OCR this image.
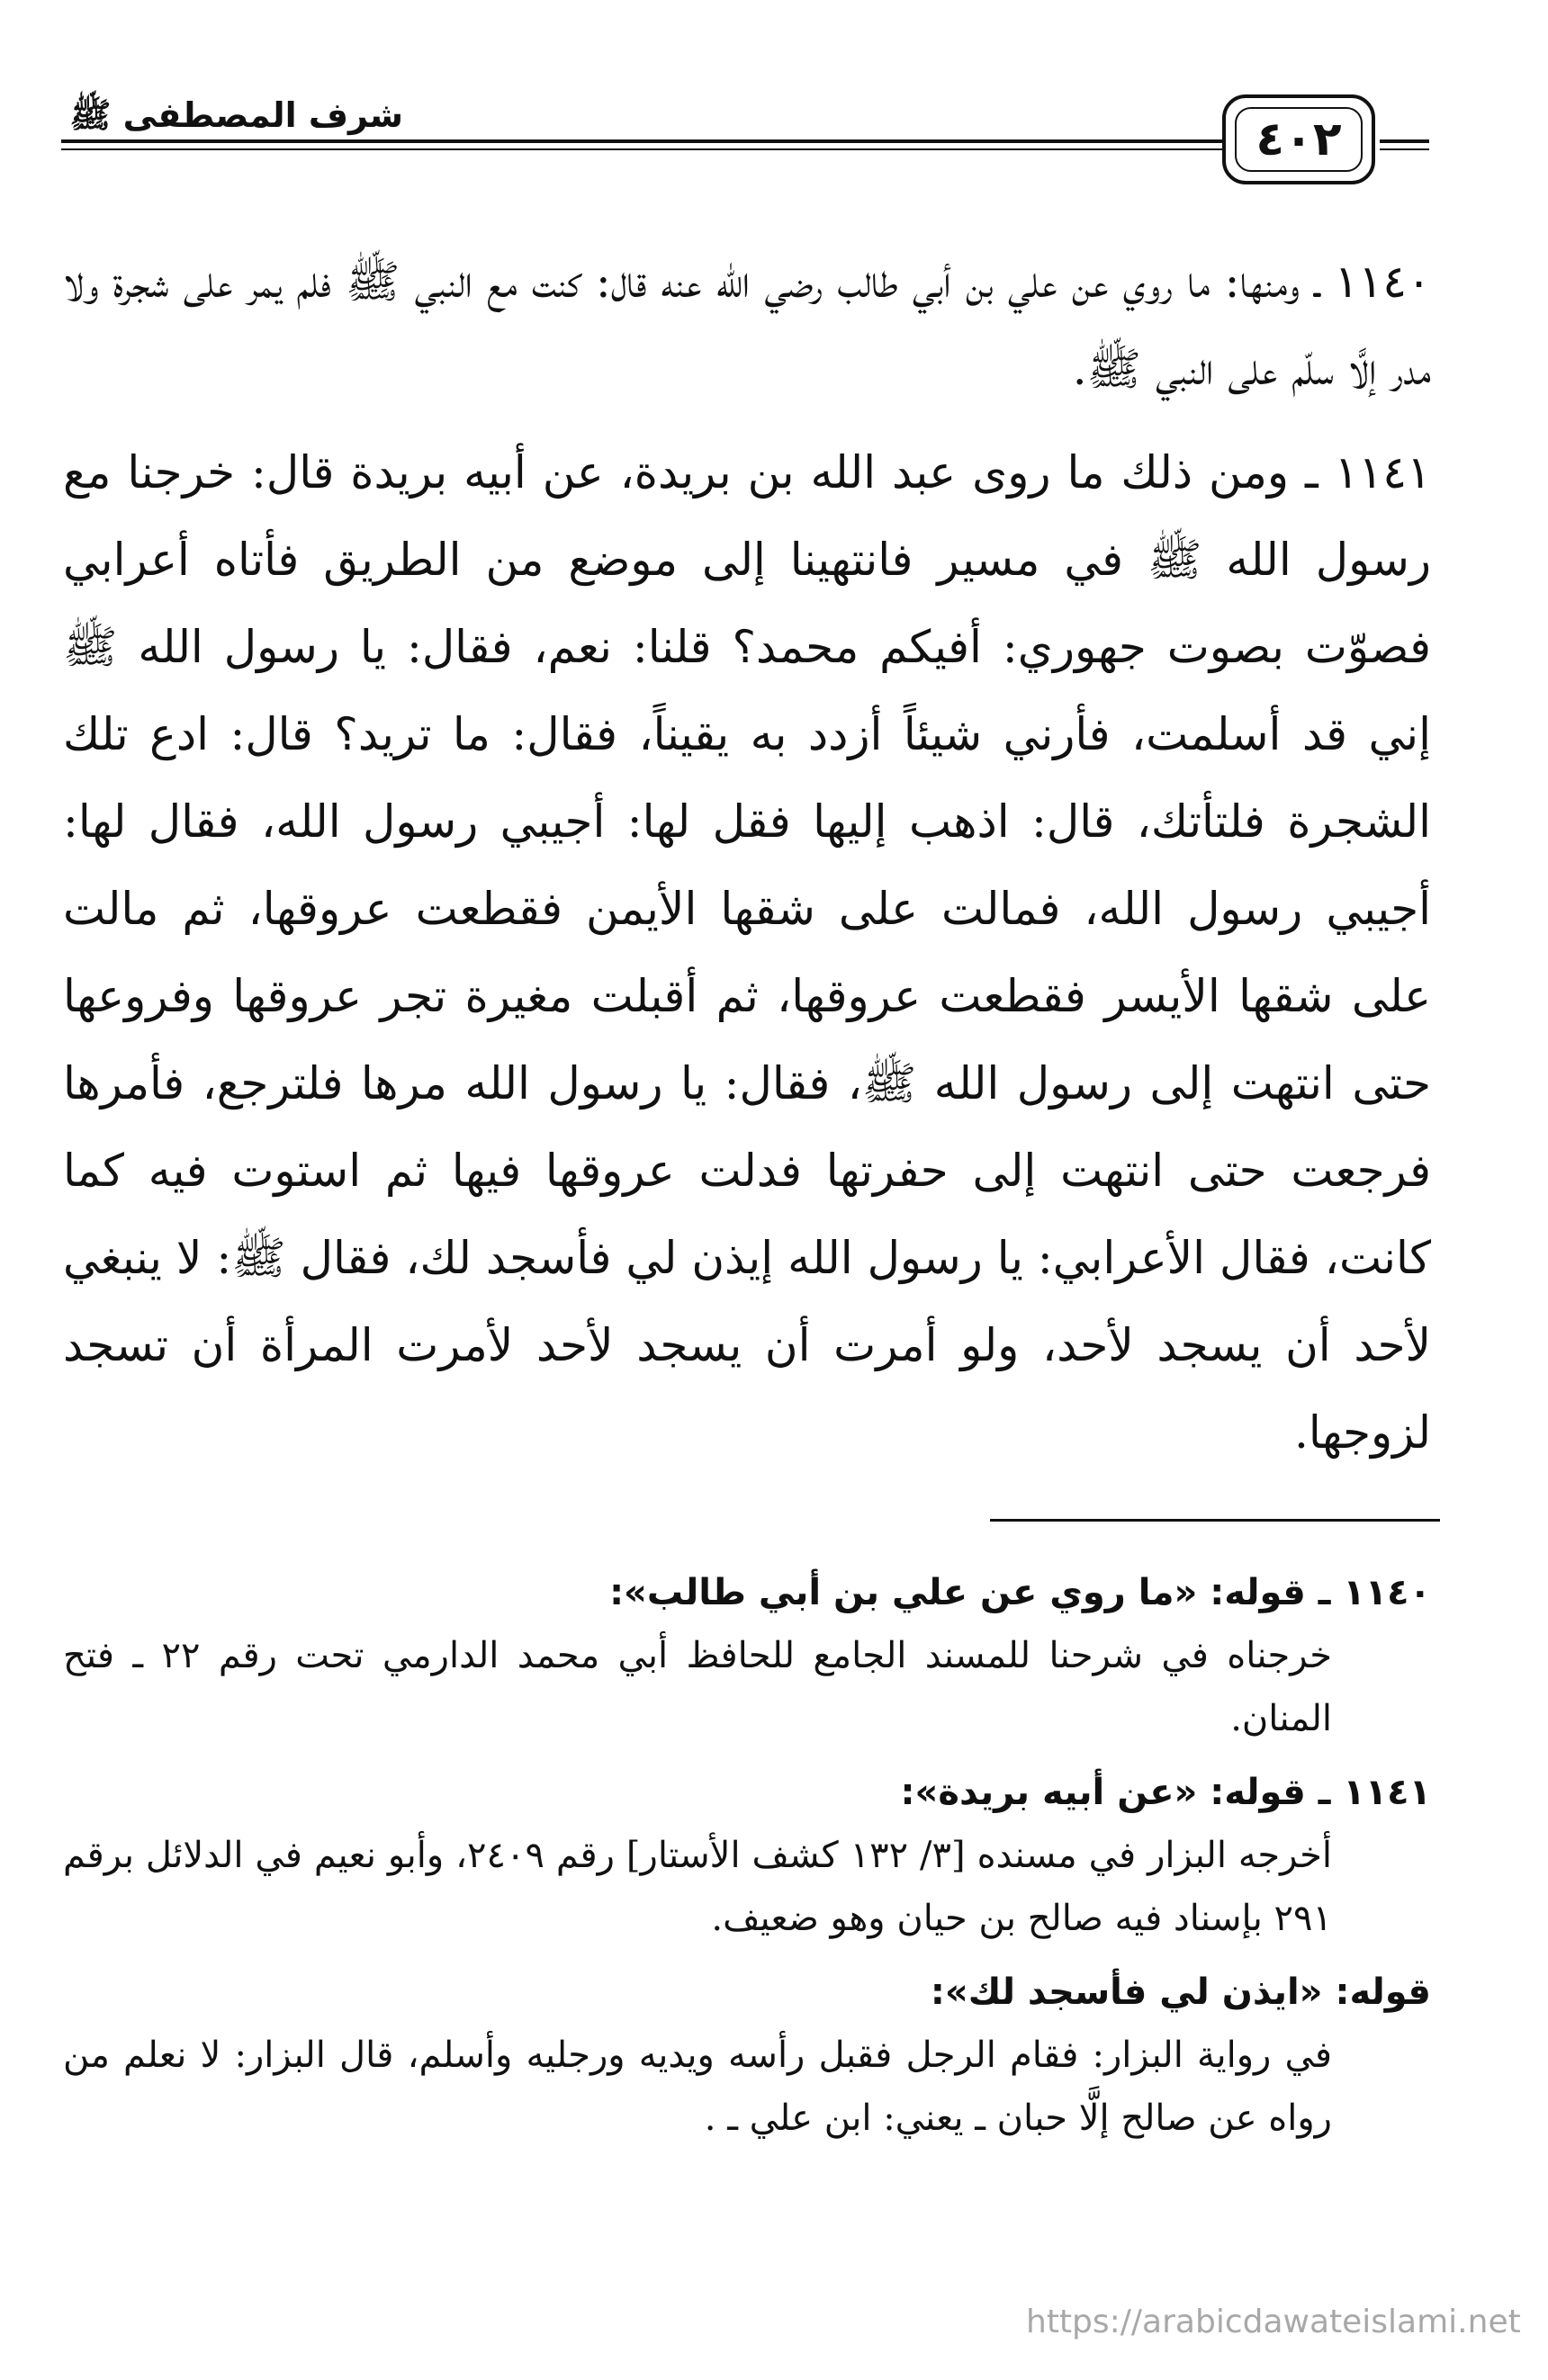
شرف المصطفى ﷺ	٤٠٢

١١٤٠ ـ ومنها: ما روي عن علي بن أبي طالب رضي الله عنه قال: كنت مع النبي ﷺ فلم يمر على شجرة ولا مدر إلَّا سلّم على النبي ﷺ.

١١٤١ ـ ومن ذلك ما روى عبد الله بن بريدة، عن أبيه بريدة قال: خرجنا مع رسول الله ﷺ في مسير فانتهينا إلى موضع من الطريق فأتاه أعرابي فصوّت بصوت جهوري: أفيكم محمد؟ قلنا: نعم، فقال: يا رسول الله ﷺ إني قد أسلمت، فأرني شيئاً أزدد به يقيناً، فقال: ما تريد؟ قال: ادع تلك الشجرة فلتأتك، قال: اذهب إليها فقل لها: أجيبي رسول الله، فقال لها: أجيبي رسول الله، فمالت على شقها الأيمن فقطعت عروقها، ثم مالت على شقها الأيسر فقطعت عروقها، ثم أقبلت مغيرة تجر عروقها وفروعها حتى انتهت إلى رسول الله ﷺ، فقال: يا رسول الله مرها فلترجع، فأمرها فرجعت حتى انتهت إلى حفرتها فدلت عروقها فيها ثم استوت فيه كما كانت، فقال الأعرابي: يا رسول الله إيذن لي فأسجد لك، فقال ﷺ: لا ينبغي لأحد أن يسجد لأحد، ولو أمرت أن يسجد لأحد لأمرت المرأة أن تسجد لزوجها.

١١٤٠ ـ قوله: «ما روي عن علي بن أبي طالب»:
خرجناه في شرحنا للمسند الجامع للحافظ أبي محمد الدارمي تحت رقم ٢٢ ـ فتح المنان.
١١٤١ ـ قوله: «عن أبيه بريدة»:
أخرجه البزار في مسنده [٣/ ١٣٢ كشف الأستار] رقم ٢٤٠٩، وأبو نعيم في الدلائل برقم ٢٩١ بإسناد فيه صالح بن حيان وهو ضعيف.
قوله: «ايذن لي فأسجد لك»:
في رواية البزار: فقام الرجل فقبل رأسه ويديه ورجليه وأسلم، قال البزار: لا نعلم من رواه عن صالح إلَّا حبان ـ يعني: ابن علي ـ .
https://arabicdawateislami.net
